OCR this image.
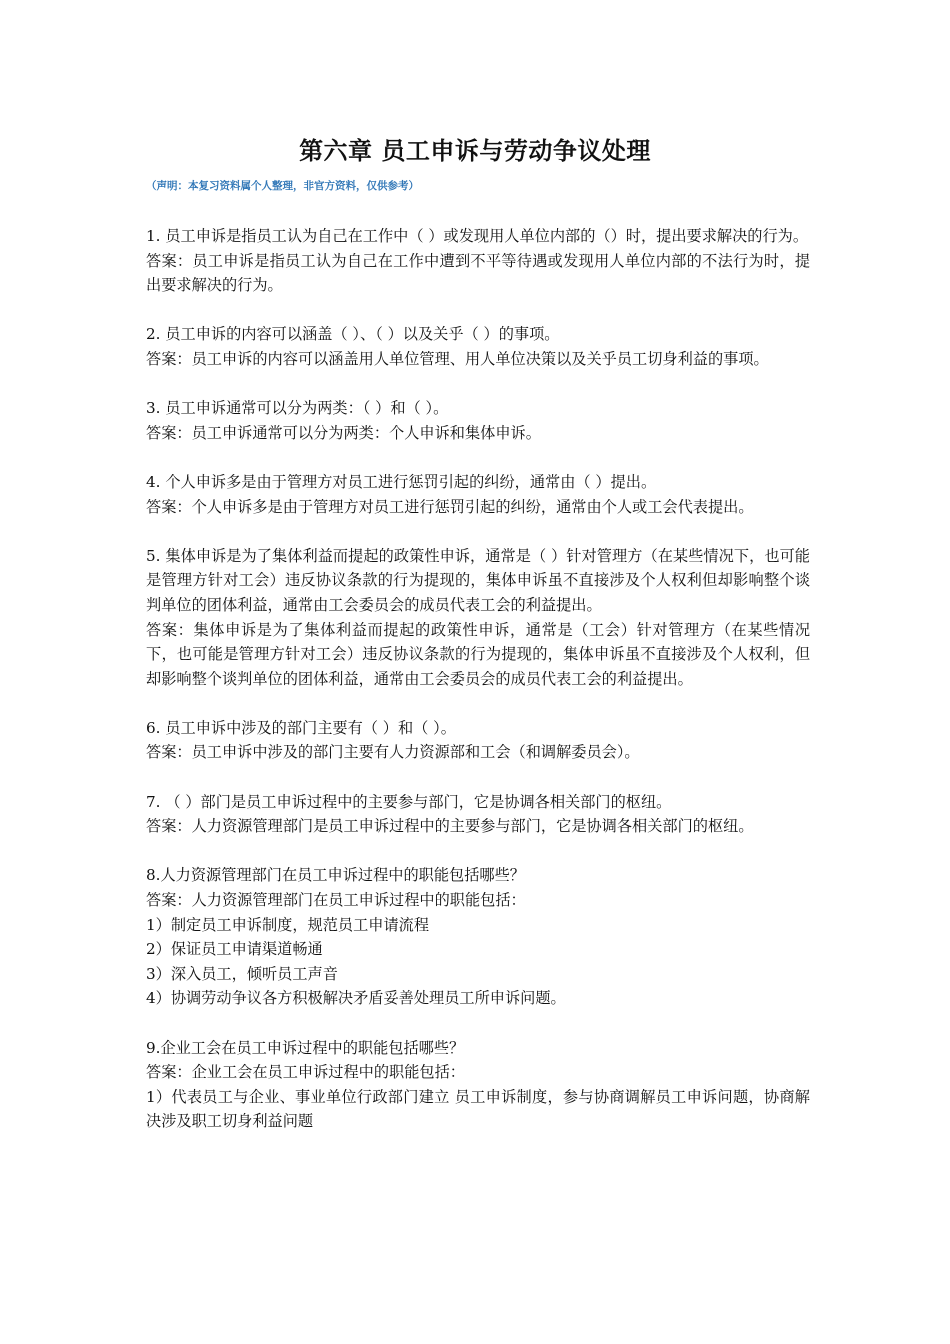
第六章 员工申诉与劳动争议处理
（声明：本复习资料属个人整理，非官方资料，仅供参考）
1. 员工申诉是指员工认为自己在工作中（ ）或发现用人单位内部的（）时，提出要求解决的行为。
答案：员工申诉是指员工认为自己在工作中遭到不平等待遇或发现用人单位内部的不法行为时，提出要求解决的行为。
2. 员工申诉的内容可以涵盖（ ）、（ ）以及关乎（ ）的事项。
答案：员工申诉的内容可以涵盖用人单位管理、用人单位决策以及关乎员工切身利益的事项。
3. 员工申诉通常可以分为两类：（ ）和（ ）。
答案：员工申诉通常可以分为两类：个人申诉和集体申诉。
4. 个人申诉多是由于管理方对员工进行惩罚引起的纠纷，通常由（ ）提出。
答案：个人申诉多是由于管理方对员工进行惩罚引起的纠纷，通常由个人或工会代表提出。
5. 集体申诉是为了集体利益而提起的政策性申诉，通常是（ ）针对管理方（在某些情况下，也可能是管理方针对工会）违反协议条款的行为提现的，集体申诉虽不直接涉及个人权利但却影响整个谈判单位的团体利益，通常由工会委员会的成员代表工会的利益提出。
答案：集体申诉是为了集体利益而提起的政策性申诉，通常是（工会）针对管理方（在某些情况下，也可能是管理方针对工会）违反协议条款的行为提现的，集体申诉虽不直接涉及个人权利，但却影响整个谈判单位的团体利益，通常由工会委员会的成员代表工会的利益提出。
6. 员工申诉中涉及的部门主要有（ ）和（ ）。
答案：员工申诉中涉及的部门主要有人力资源部和工会（和调解委员会）。
7. （ ）部门是员工申诉过程中的主要参与部门，它是协调各相关部门的枢纽。
答案：人力资源管理部门是员工申诉过程中的主要参与部门，它是协调各相关部门的枢纽。
8.人力资源管理部门在员工申诉过程中的职能包括哪些？
答案：人力资源管理部门在员工申诉过程中的职能包括：
1）制定员工申诉制度，规范员工申请流程
2）保证员工申请渠道畅通
3）深入员工，倾听员工声音
4）协调劳动争议各方积极解决矛盾妥善处理员工所申诉问题。
9.企业工会在员工申诉过程中的职能包括哪些？
答案：企业工会在员工申诉过程中的职能包括：
1）代表员工与企业、事业单位行政部门建立 员工申诉制度，参与协商调解员工申诉问题，协商解决涉及职工切身利益问题
